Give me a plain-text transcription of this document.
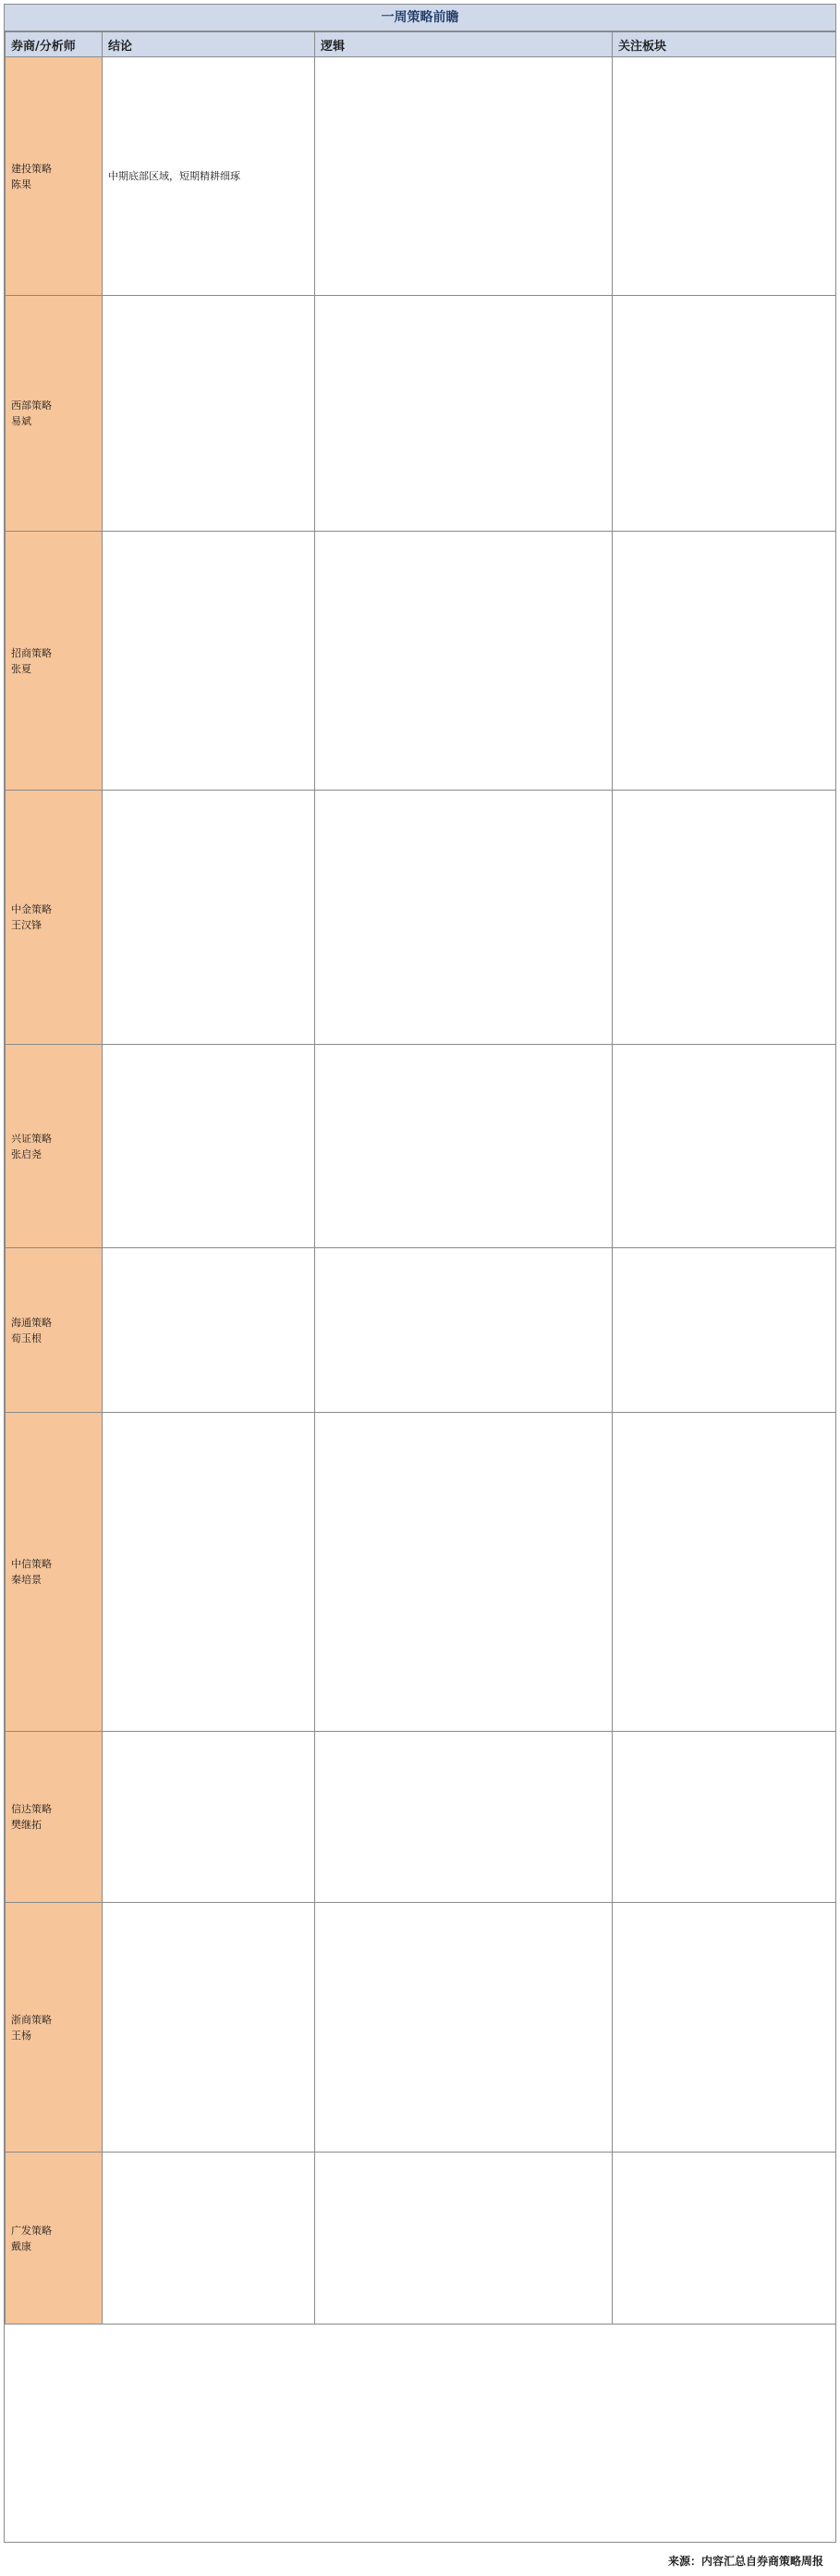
一周策略前瞻
券商/分析师	结论	逻辑	关注板块
建投策略
陈果	中期底部区域，短期精耕细琢		
西部策略
易斌			
招商策略
张夏			
中金策略
王汉锋			
兴证策略
张启尧			
海通策略
荀玉根			
中信策略
秦培景			
信达策略
樊继拓			
浙商策略
王杨			
广发策略
戴康			
来源：内容汇总自券商策略周报
